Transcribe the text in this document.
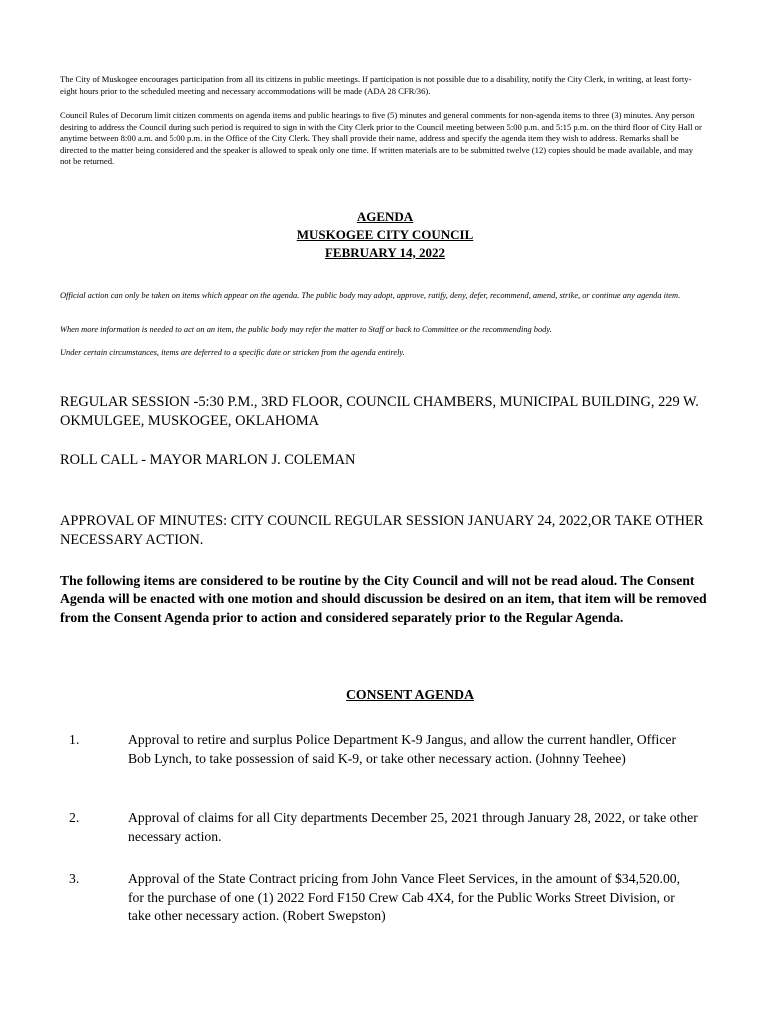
The City of Muskogee encourages participation from all its citizens in public meetings. If participation is not possible due to a disability, notify the City Clerk, in writing, at least forty-eight hours prior to the scheduled meeting and necessary accommodations will be made (ADA 28 CFR/36).

Council Rules of Decorum limit citizen comments on agenda items and public hearings to five (5) minutes and general comments for non-agenda items to three (3) minutes. Any person desiring to address the Council during such period is required to sign in with the City Clerk prior to the Council meeting between 5:00 p.m. and 5:15 p.m. on the third floor of City Hall or anytime between 8:00 a.m. and 5:00 p.m. in the Office of the City Clerk. They shall provide their name, address and specify the agenda item they wish to address. Remarks shall be directed to the matter being considered and the speaker is allowed to speak only one time. If written materials are to be submitted twelve (12) copies should be made available, and may not be returned.

AGENDA
MUSKOGEE CITY COUNCIL
FEBRUARY 14, 2022

Official action can only be taken on items which appear on the agenda. The public body may adopt, approve, ratify, deny, defer, recommend, amend, strike, or continue any agenda item.

When more information is needed to act on an item, the public body may refer the matter to Staff or back to Committee or the recommending body.

Under certain circumstances, items are deferred to a specific date or stricken from the agenda entirely.

REGULAR SESSION -5:30 P.M., 3RD FLOOR, COUNCIL CHAMBERS, MUNICIPAL BUILDING, 229 W. OKMULGEE, MUSKOGEE, OKLAHOMA

ROLL CALL - MAYOR MARLON J. COLEMAN

APPROVAL OF MINUTES: CITY COUNCIL REGULAR SESSION JANUARY 24, 2022,OR TAKE OTHER NECESSARY ACTION.

The following items are considered to be routine by the City Council and will not be read aloud. The Consent Agenda will be enacted with one motion and should discussion be desired on an item, that item will be removed from the Consent Agenda prior to action and considered separately prior to the Regular Agenda.

CONSENT AGENDA
1.	Approval to retire and surplus Police Department K-9 Jangus, and allow the current handler, Officer Bob Lynch, to take possession of said K-9, or take other necessary action. (Johnny Teehee)
2.	Approval of claims for all City departments December 25, 2021 through January 28, 2022, or take other necessary action.
3.	Approval of the State Contract pricing from John Vance Fleet Services, in the amount of $34,520.00, for the purchase of one (1) 2022 Ford F150 Crew Cab 4X4, for the Public Works Street Division, or take other necessary action. (Robert Swepston)
